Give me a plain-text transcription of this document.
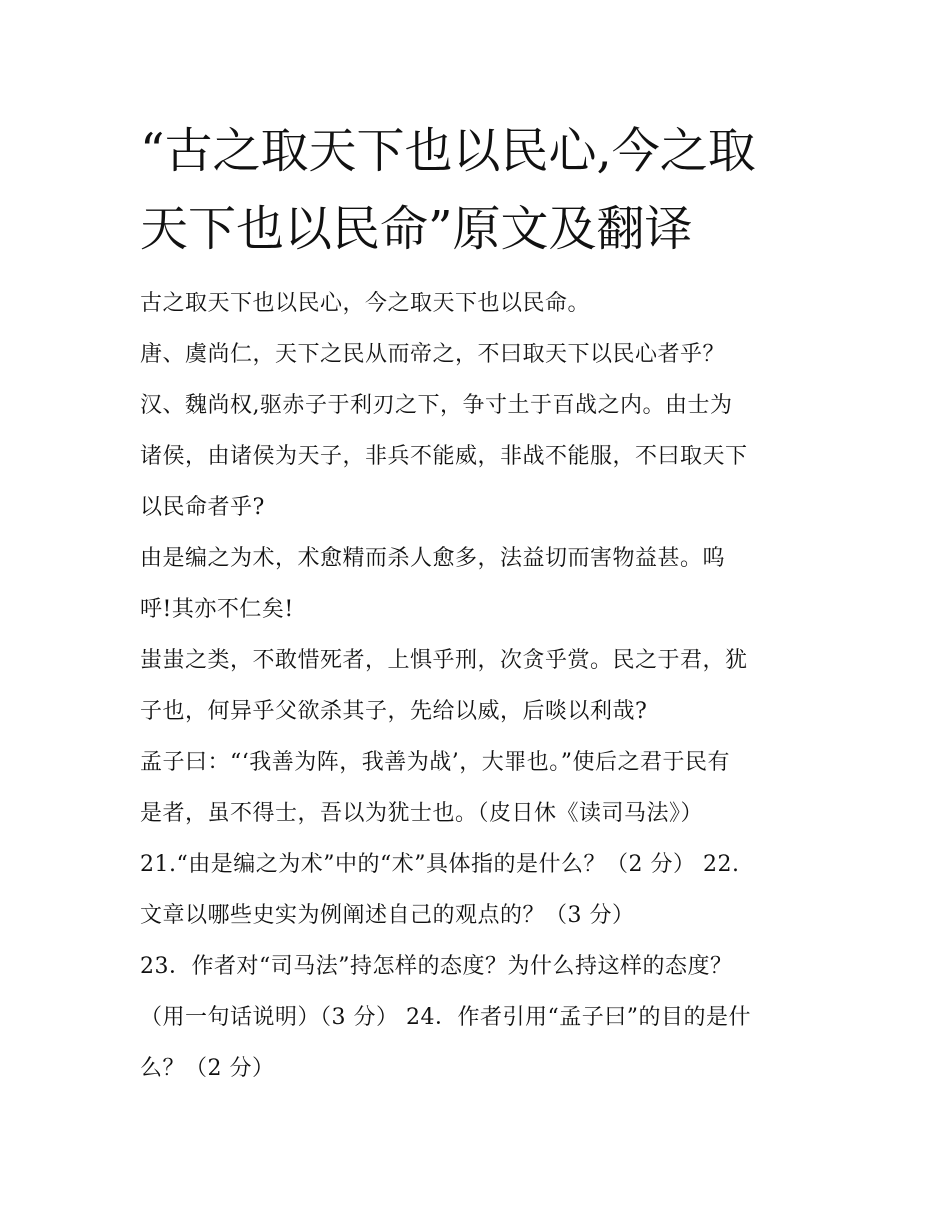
“古之取天下也以民心,今之取
天下也以民命”原文及翻译
古之取天下也以民心，今之取天下也以民命。
唐、虞尚仁，天下之民从而帝之，不曰取天下以民心者乎？
汉、魏尚权,驱赤子于利刃之下，争寸土于百战之内。由士为
诸侯，由诸侯为天子，非兵不能威，非战不能服，不曰取天下
以民命者乎?
由是编之为术，术愈精而杀人愈多，法益切而害物益甚。呜
呼!其亦不仁矣!
蚩蚩之类，不敢惜死者，上惧乎刑，次贪乎赏。民之于君，犹
子也，何异乎父欲杀其子，先给以威，后啖以利哉?
孟子曰：“‘我善为阵，我善为战’，大罪也。”使后之君于民有
是者，虽不得士，吾以为犹士也。（皮日休《读司马法》）
21.“由是编之为术”中的“术”具体指的是什么？（2 分） 22.
文章以哪些史实为例阐述自己的观点的？（3 分）
23．作者对“司马法”持怎样的态度？为什么持这样的态度？
（用一句话说明）（3 分） 24．作者引用“孟子曰”的目的是什
么？（2 分）
